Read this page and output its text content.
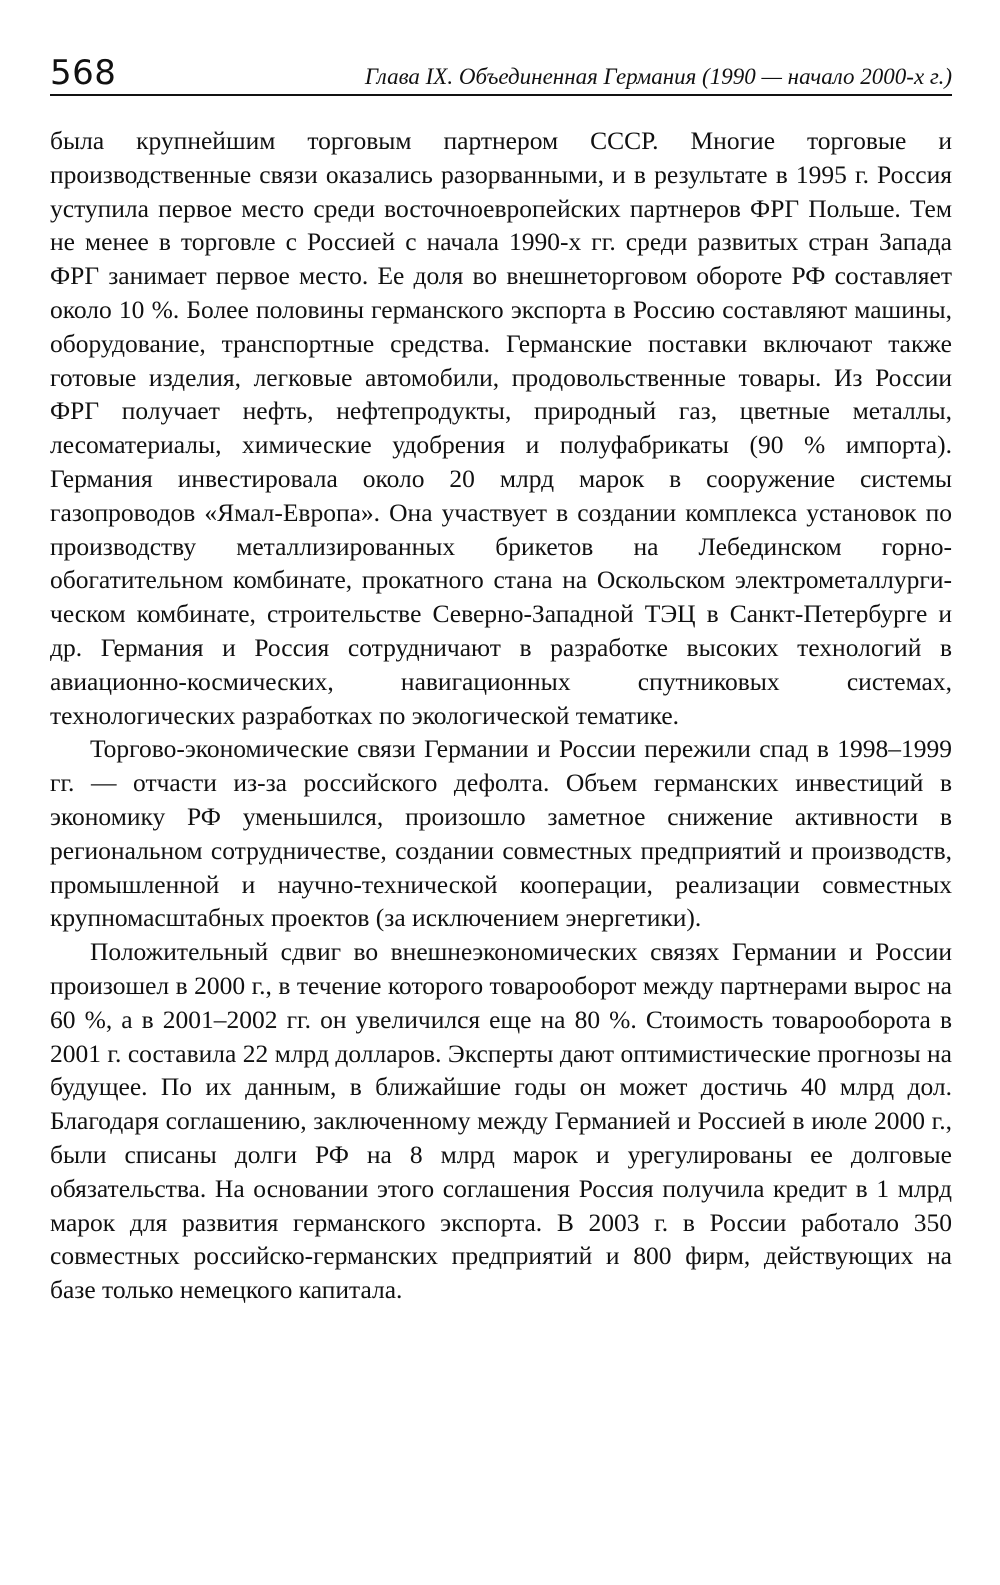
568	Глава IX. Объединенная Германия (1990 — начало 2000-х г.)

была крупнейшим торговым партнером СССР. Многие торговые и производственные связи оказались разорванными, и в результате в 1995 г. Россия уступила первое место среди восточноевропейских партнеров ФРГ Польше. Тем не менее в торговле с Россией с начала 1990-х гг. среди развитых стран Запада ФРГ занимает первое место. Ее доля во внешнеторговом обороте РФ составляет около 10 %. Более половины германского экспорта в Россию составляют машины, оборудование, транспортные средства. Германские поставки включают также готовые изделия, легковые автомобили, продовольственные товары. Из России ФРГ получает нефть, нефтепродукты, природный газ, цветные металлы, лесоматериалы, химические удобрения и полуфабрикаты (90 % импорта). Германия инвестировала около 20 млрд марок в сооружение системы газопроводов «Ямал-Европа». Она участвует в создании комплекса установок по производству металлизированных брикетов на Лебединском горно-обогатительном комбинате, прокатного стана на Оскольском электрометаллургическом комбинате, строительстве Северно-Западной ТЭЦ в Санкт-Петербурге и др. Германия и Россия сотрудничают в разработке высоких технологий в авиационно-космических, навигационных спутниковых системах, технологических разработках по экологической тематике.

Торгово-экономические связи Германии и России пережили спад в 1998–1999 гг. — отчасти из-за российского дефолта. Объем германских инвестиций в экономику РФ уменьшился, произошло заметное снижение активности в региональном сотрудничестве, создании совместных предприятий и производств, промышленной и научно-технической кооперации, реализации совместных крупномасштабных проектов (за исключением энергетики).

Положительный сдвиг во внешнеэкономических связях Германии и России произошел в 2000 г., в течение которого товарооборот между партнерами вырос на 60 %, а в 2001–2002 гг. он увеличился еще на 80 %. Стоимость товарооборота в 2001 г. составила 22 млрд долларов. Эксперты дают оптимистические прогнозы на будущее. По их данным, в ближайшие годы он может достичь 40 млрд дол. Благодаря соглашению, заключенному между Германией и Россией в июле 2000 г., были списаны долги РФ на 8 млрд марок и урегулированы ее долговые обязательства. На основании этого соглашения Россия получила кредит в 1 млрд марок для развития германского экспорта. В 2003 г. в России работало 350 совместных российско-германских предприятий и 800 фирм, действующих на базе только немецкого капитала.
